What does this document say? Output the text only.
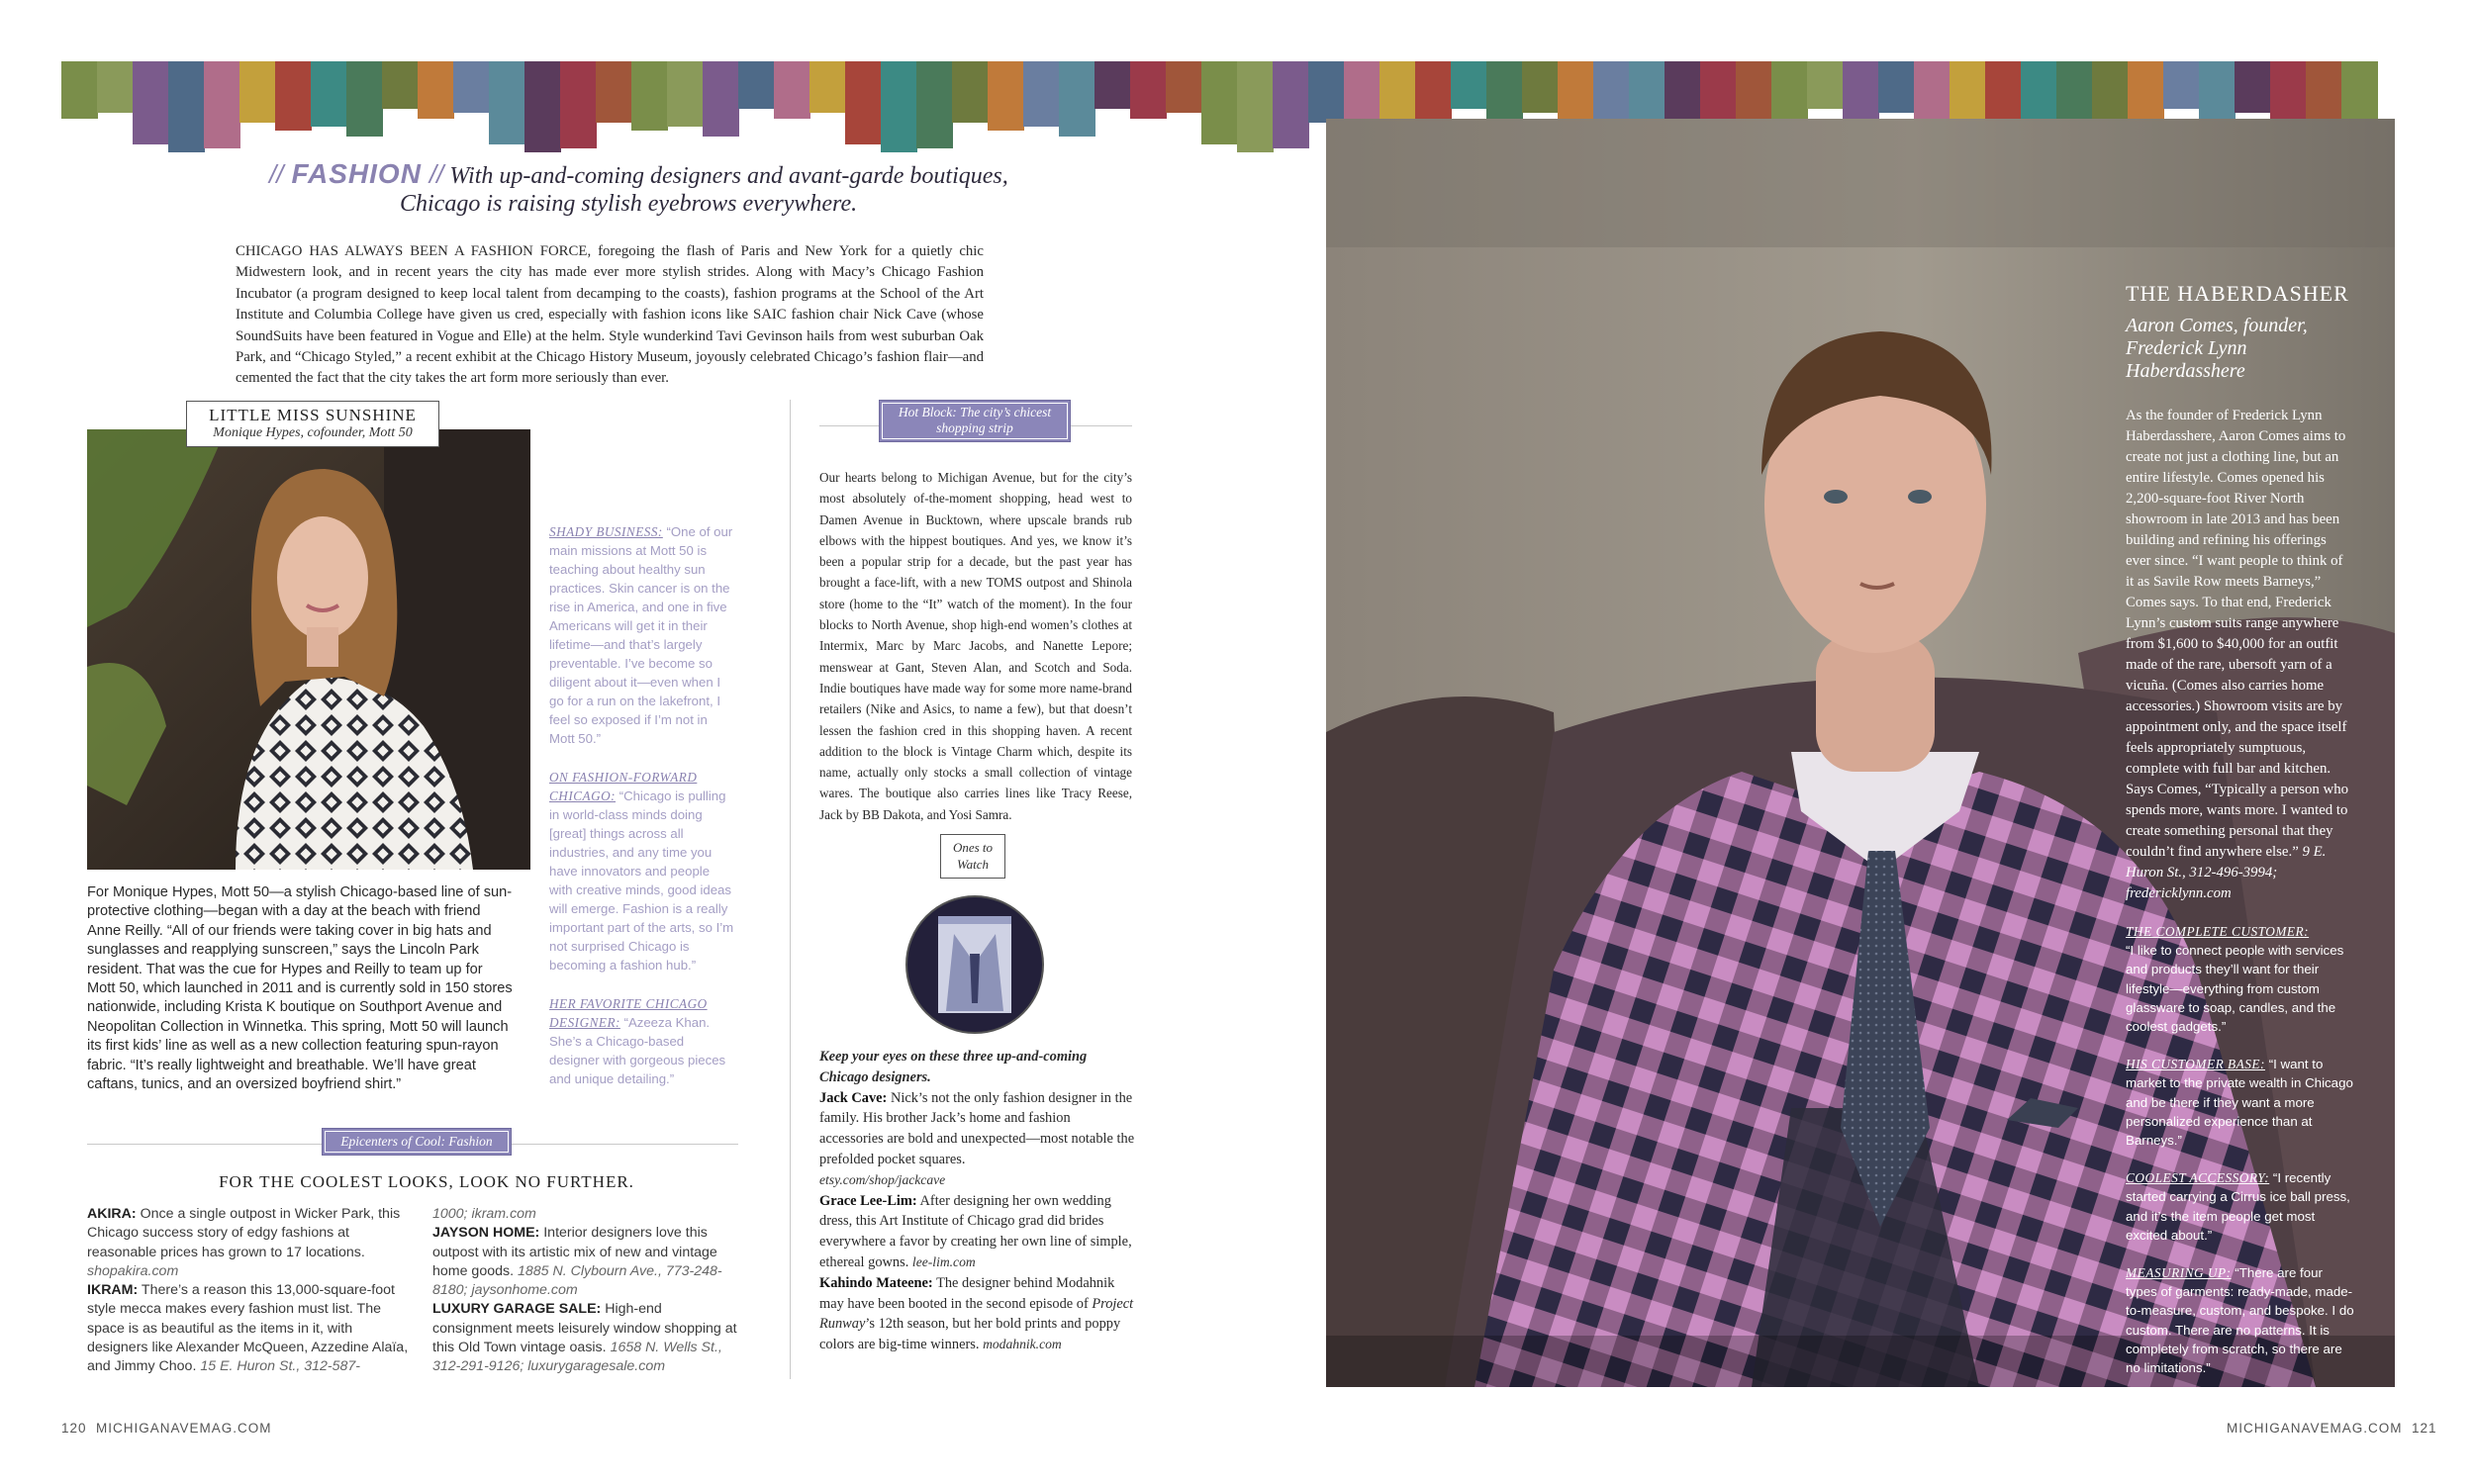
// FASHION // With up-and-coming designers and avant-garde boutiques,
Chicago is raising stylish eyebrows everywhere.
CHICAGO HAS ALWAYS BEEN A FASHION FORCE, foregoing the flash of Paris and New York for a quietly chic Midwestern look, and in recent years the city has made ever more stylish strides. Along with Macy’s Chicago Fashion Incubator (a program designed to keep local talent from decamping to the coasts), fashion programs at the School of the Art Institute and Columbia College have given us cred, especially with fashion icons like SAIC fashion chair Nick Cave (whose SoundSuits have been featured in Vogue and Elle) at the helm. Style wunderkind Tavi Gevinson hails from west suburban Oak Park, and “Chicago Styled,” a recent exhibit at the Chicago History Museum, joyously celebrated Chicago’s fashion flair—and cemented the fact that the city takes the art form more seriously than ever.
LITTLE MISS SUNSHINE
Monique Hypes, cofounder, Mott 50

SHADY BUSINESS: “One of our main missions at Mott 50 is teaching about healthy sun practices. Skin cancer is on the rise in America, and one in five Americans will get it in their lifetime—and that’s largely preventable. I’ve become so diligent about it—even when I go for a run on the lakefront, I feel so exposed if I’m not in Mott 50.”

ON FASHION-FORWARD CHICAGO: “Chicago is pulling in world-class minds doing [great] things across all industries, and any time you have innovators and people with creative minds, good ideas will emerge. Fashion is a really important part of the arts, so I’m not surprised Chicago is becoming a fashion hub.”

HER FAVORITE CHICAGO DESIGNER: “Azeeza Khan. She’s a Chicago-based designer with gorgeous pieces and unique detailing.”

For Monique Hypes, Mott 50—a stylish Chicago-based line of sun-protective clothing—began with a day at the beach with friend Anne Reilly. “All of our friends were taking cover in big hats and sunglasses and reapplying sunscreen,” says the Lincoln Park resident. That was the cue for Hypes and Reilly to team up for Mott 50, which launched in 2011 and is currently sold in 150 stores nationwide, including Krista K boutique on Southport Avenue and Neopolitan Collection in Winnetka. This spring, Mott 50 will launch its first kids’ line as well as a new collection featuring spun-rayon fabric. “It’s really lightweight and breathable. We’ll have great caftans, tunics, and an oversized boyfriend shirt.”
Epicenters of Cool: Fashion
FOR THE COOLEST LOOKS, LOOK NO FURTHER.
AKIRA: Once a single outpost in Wicker Park, this Chicago success story of edgy fashions at reasonable prices has grown to 17 locations. shopakira.com
IKRAM: There’s a reason this 13,000-square-foot style mecca makes every fashion must list. The space is as beautiful as the items in it, with designers like Alexander McQueen, Azzedine Alaïa, and Jimmy Choo. 15 E. Huron St., 312-587-
1000; ikram.com
JAYSON HOME: Interior designers love this outpost with its artistic mix of new and vintage home goods. 1885 N. Clybourn Ave., 773-248-8180; jaysonhome.com
LUXURY GARAGE SALE: High-end consignment meets leisurely window shopping at this Old Town vintage oasis. 1658 N. Wells St., 312-291-9126; luxurygaragesale.com
Hot Block: The city’s chicest shopping strip
Our hearts belong to Michigan Avenue, but for the city’s most absolutely of-the-moment shopping, head west to Damen Avenue in Bucktown, where upscale brands rub elbows with the hippest boutiques. And yes, we know it’s been a popular strip for a decade, but the past year has brought a face-lift, with a new TOMS outpost and Shinola store (home to the “It” watch of the moment). In the four blocks to North Avenue, shop high-end women’s clothes at Intermix, Marc by Marc Jacobs, and Nanette Lepore; menswear at Gant, Steven Alan, and Scotch and Soda. Indie boutiques have made way for some more name-brand retailers (Nike and Asics, to name a few), but that doesn’t lessen the fashion cred in this shopping haven. A recent addition to the block is Vintage Charm which, despite its name, actually only stocks a small collection of vintage wares. The boutique also carries lines like Tracy Reese, Jack by BB Dakota, and Yosi Samra.
Ones to Watch
Keep your eyes on these three up-and-coming Chicago designers.
Jack Cave: Nick’s not the only fashion designer in the family. His brother Jack’s home and fashion accessories are bold and unexpected—most notable the prefolded pocket squares.
etsy.com/shop/jackcave
Grace Lee-Lim: After designing her own wedding dress, this Art Institute of Chicago grad did brides everywhere a favor by creating her own line of simple, ethereal gowns. lee-lim.com
Kahindo Mateene: The designer behind Modahnik may have been booted in the second episode of Project Runway’s 12th season, but her bold prints and poppy colors are big-time winners. modahnik.com
THE HABERDASHER
Aaron Comes, founder, Frederick Lynn Haberdasshere
As the founder of Frederick Lynn Haberdasshere, Aaron Comes aims to create not just a clothing line, but an entire lifestyle. Comes opened his 2,200-square-foot River North showroom in late 2013 and has been building and refining his offerings ever since. “I want people to think of it as Savile Row meets Barneys,” Comes says. To that end, Frederick Lynn’s custom suits range anywhere from $1,600 to $40,000 for an outfit made of the rare, ubersoft yarn of a vicuña. (Comes also carries home accessories.) Showroom visits are by appointment only, and the space itself feels appropriately sumptuous, complete with full bar and kitchen. Says Comes, “Typically a person who spends more, wants more. I wanted to create something personal that they couldn’t find anywhere else.” 9 E. Huron St., 312-496-3994; fredericklynn.com

THE COMPLETE CUSTOMER:
“I like to connect people with services and products they’ll want for their lifestyle—everything from custom glassware to soap, candles, and the coolest gadgets.”

HIS CUSTOMER BASE: “I want to market to the private wealth in Chicago and be there if they want a more personalized experience than at Barneys.”

COOLEST ACCESSORY: “I recently started carrying a Cirrus ice ball press, and it’s the item people get most excited about.”

MEASURING UP: “There are four types of garments: ready-made, made-to-measure, custom, and bespoke. I do custom. There are no patterns. It is completely from scratch, so there are no limitations.”

120 MICHIGANAVEMAG.COM	MICHIGANAVEMAG.COM 121
